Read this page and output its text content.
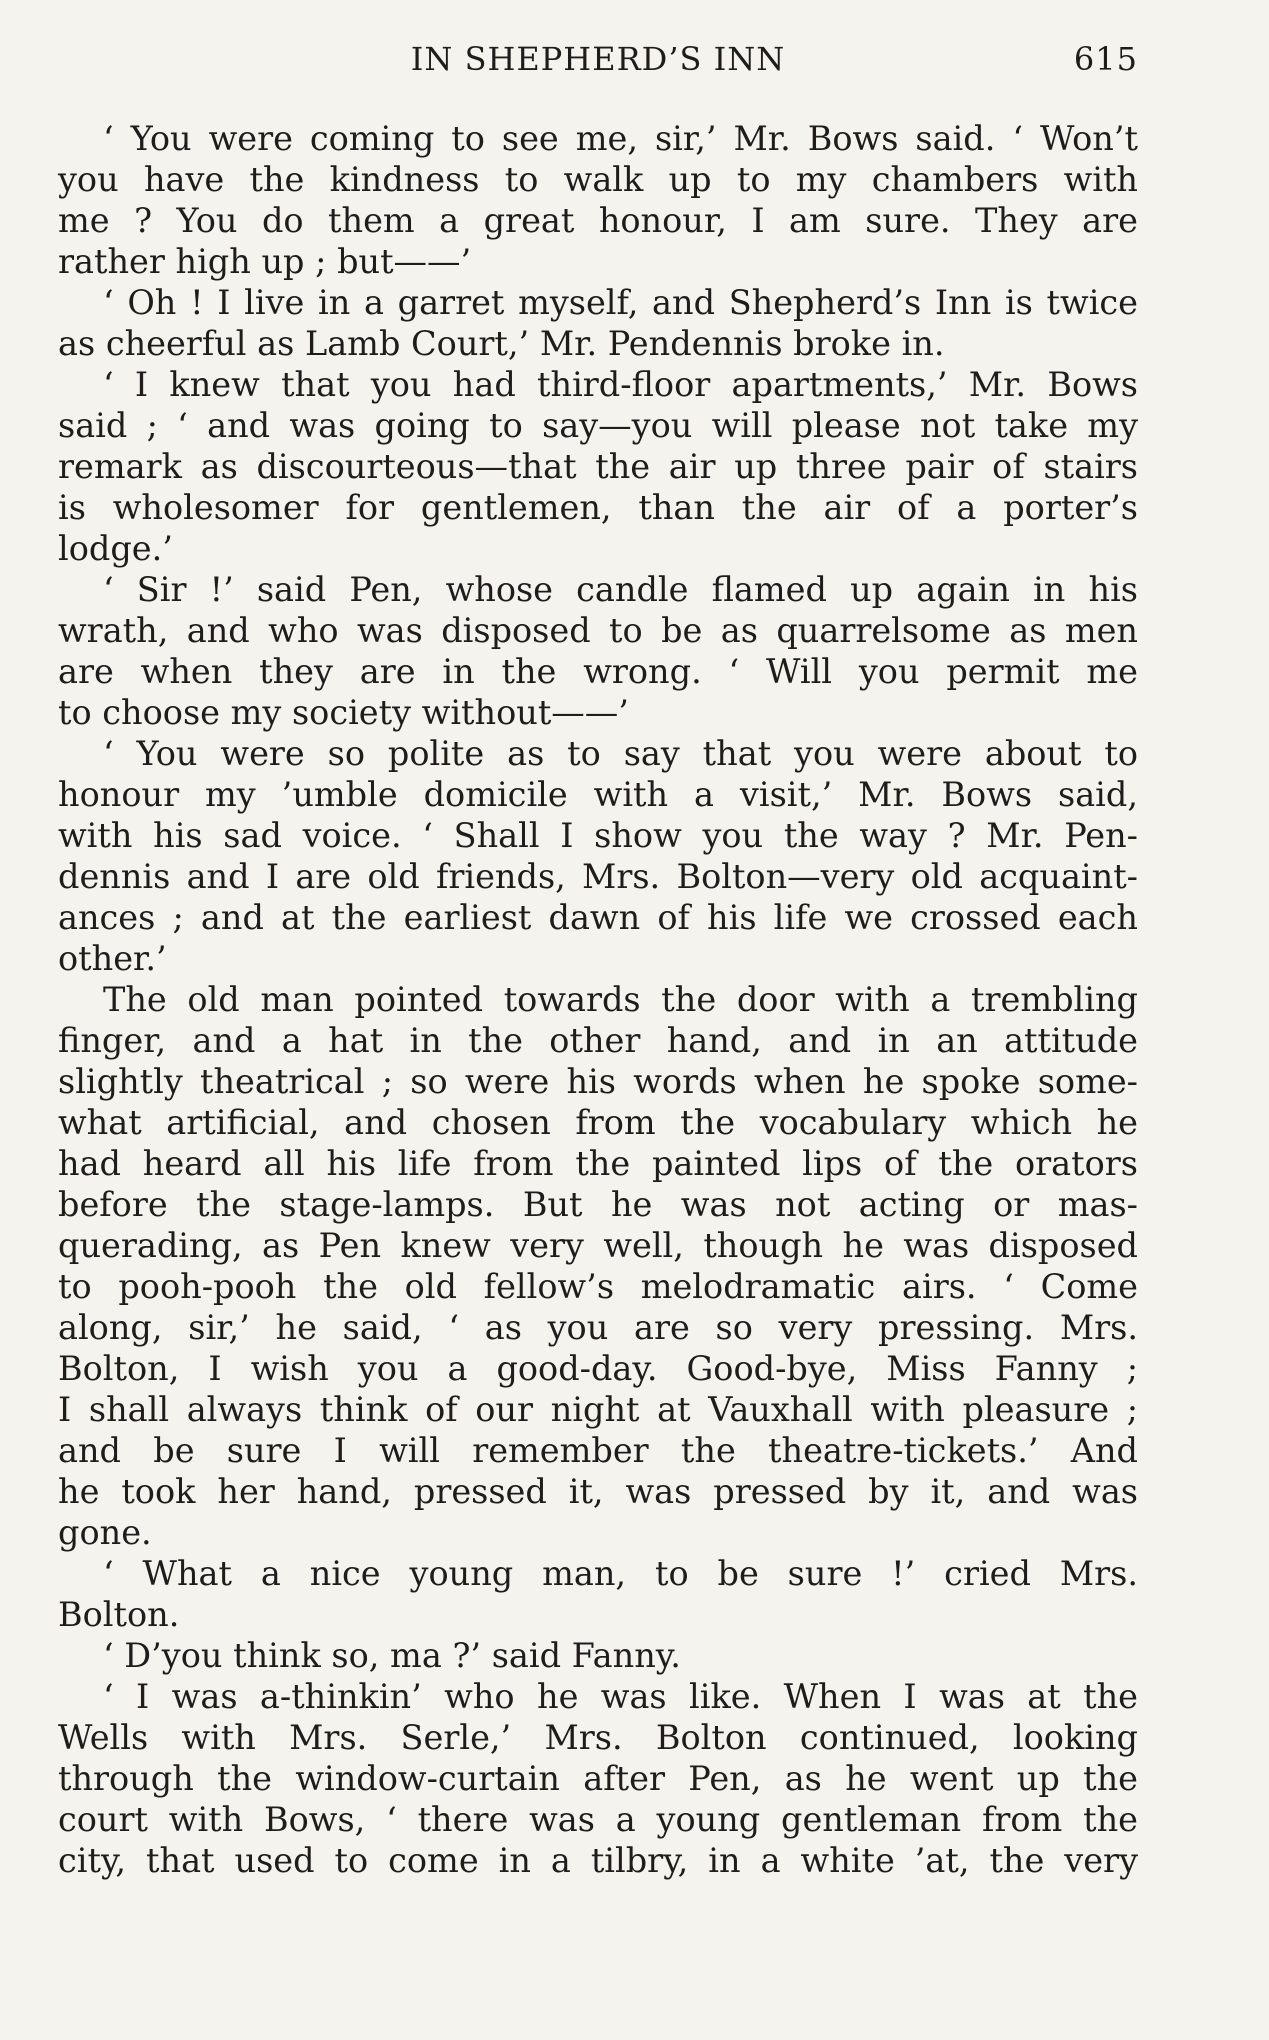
IN SHEPHERD’S INN	615
‘ You were coming to see me, sir,’ Mr. Bows said. ‘ Won’t
you have the kindness to walk up to my chambers with
me ? You do them a great honour, I am sure. They are
rather high up ; but——’
‘ Oh ! I live in a garret myself, and Shepherd’s Inn is twice
as cheerful as Lamb Court,’ Mr. Pendennis broke in.
‘ I knew that you had third-floor apartments,’ Mr. Bows
said ; ‘ and was going to say—you will please not take my
remark as discourteous—that the air up three pair of stairs
is wholesomer for gentlemen, than the air of a porter’s
lodge.’
‘ Sir !’ said Pen, whose candle flamed up again in his
wrath, and who was disposed to be as quarrelsome as men
are when they are in the wrong. ‘ Will you permit me
to choose my society without——’
‘ You were so polite as to say that you were about to
honour my ’umble domicile with a visit,’ Mr. Bows said,
with his sad voice. ‘ Shall I show you the way ? Mr. Pen-
dennis and I are old friends, Mrs. Bolton—very old acquaint-
ances ; and at the earliest dawn of his life we crossed each
other.’
The old man pointed towards the door with a trembling
finger, and a hat in the other hand, and in an attitude
slightly theatrical ; so were his words when he spoke some-
what artificial, and chosen from the vocabulary which he
had heard all his life from the painted lips of the orators
before the stage-lamps. But he was not acting or mas-
querading, as Pen knew very well, though he was disposed
to pooh-pooh the old fellow’s melodramatic airs. ‘ Come
along, sir,’ he said, ‘ as you are so very pressing. Mrs.
Bolton, I wish you a good-day. Good-bye, Miss Fanny ;
I shall always think of our night at Vauxhall with pleasure ;
and be sure I will remember the theatre-tickets.’ And
he took her hand, pressed it, was pressed by it, and was
gone.
‘ What a nice young man, to be sure !’ cried Mrs.
Bolton.
‘ D’you think so, ma ?’ said Fanny.
‘ I was a-thinkin’ who he was like. When I was at the
Wells with Mrs. Serle,’ Mrs. Bolton continued, looking
through the window-curtain after Pen, as he went up the
court with Bows, ‘ there was a young gentleman from the
city, that used to come in a tilbry, in a white ’at, the very
